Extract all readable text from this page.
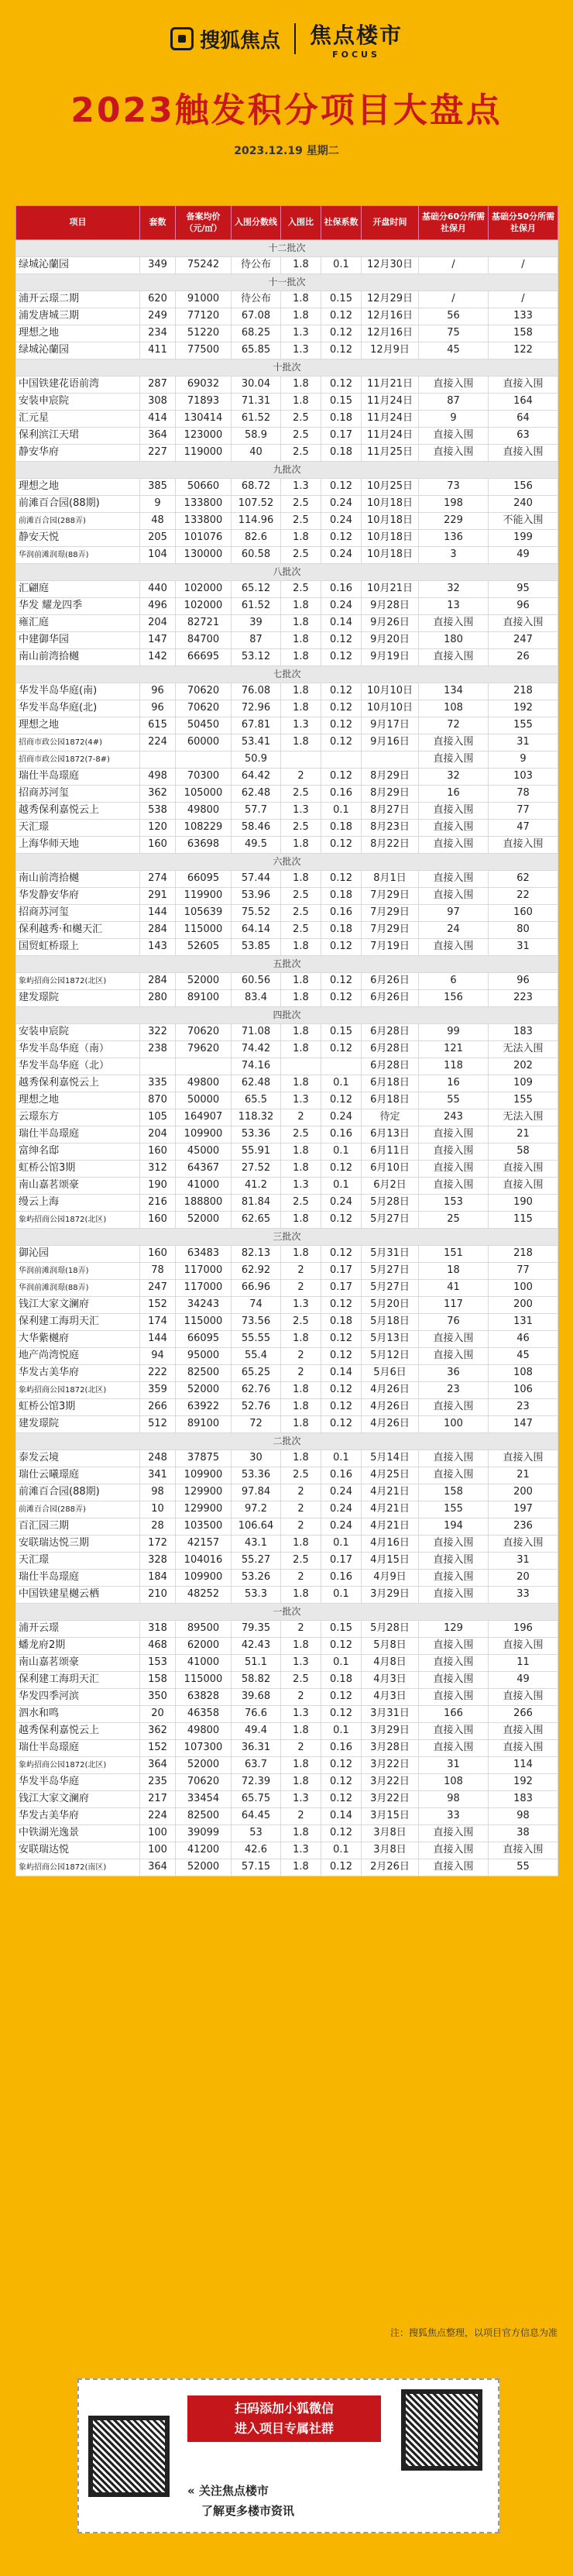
搜狐焦点 焦点楼市
FOCUS
2023触发积分项目大盘点
2023.12.19 星期二
项目	套数	备案均价（元/㎡）	入围分数线	入围比	社保系数	开盘时间	基础分60分所需社保月	基础分50分所需社保月
十二批次								
绿城沁蘭园	349	75242	待公布	1.8	0.1	12月30日	/	/
十一批次								
浦开云璟二期	620	91000	待公布	1.8	0.15	12月29日	/	/
浦发唐城三期	249	77120	67.08	1.8	0.12	12月16日	56	133
理想之地	234	51220	68.25	1.3	0.12	12月16日	75	158
绿城沁蘭园	411	77500	65.85	1.3	0.12	12月9日	45	122
十批次								
中国铁建花语前湾	287	69032	30.04	1.8	0.12	11月21日	直接入围	直接入围
安装申宸院	308	71893	71.31	1.8	0.15	11月24日	87	164
汇元星	414	130414	61.52	2.5	0.18	11月24日	9	64
保利滨江天珺	364	123000	58.9	2.5	0.17	11月24日	直接入围	63
静安华府	227	119000	40	2.5	0.18	11月25日	直接入围	直接入围
九批次								
理想之地	385	50660	68.72	1.3	0.12	10月25日	73	156
前滩百合园(88期)	9	133800	107.52	2.5	0.24	10月18日	198	240
前滩百合园(288弄)	48	133800	114.96	2.5	0.24	10月18日	229	不能入围
静安天悦	205	101076	82.6	1.8	0.12	10月18日	136	199
华润前滩润璟(88弄)	104	130000	60.58	2.5	0.24	10月18日	3	49
八批次								
汇翩庭	440	102000	65.12	2.5	0.16	10月21日	32	95
华发 耀龙四季	496	102000	61.52	1.8	0.24	9月28日	13	96
雍汇庭	204	82721	39	1.8	0.14	9月26日	直接入围	直接入围
中建御华园	147	84700	87	1.8	0.12	9月20日	180	247
南山前湾拾樾	142	66695	53.12	1.8	0.12	9月19日	直接入围	26
七批次								
华发半岛华庭(南)	96	70620	76.08	1.8	0.12	10月10日	134	218
华发半岛华庭(北)	96	70620	72.96	1.8	0.12	10月10日	108	192
理想之地	615	50450	67.81	1.3	0.12	9月17日	72	155
招商市政公园1872(4#)	224	60000	53.41	1.8	0.12	9月16日	直接入围	31
招商市政公园1872(7-8#)			50.9				直接入围	9
瑞仕半岛璟庭	498	70300	64.42	2	0.12	8月29日	32	103
招商苏河玺	362	105000	62.48	2.5	0.16	8月29日	16	78
越秀保利嘉悦云上	538	49800	57.7	1.3	0.1	8月27日	直接入围	77
天汇璟	120	108229	58.46	2.5	0.18	8月23日	直接入围	47
上海华师天地	160	63698	49.5	1.8	0.12	8月22日	直接入围	直接入围
六批次								
南山前湾拾樾	274	66095	57.44	1.8	0.12	8月1日	直接入围	62
华发静安华府	291	119900	53.96	2.5	0.18	7月29日	直接入围	22
招商苏河玺	144	105639	75.52	2.5	0.16	7月29日	97	160
保利越秀·和樾天汇	284	115000	64.14	2.5	0.18	7月29日	24	80
国贸虹桥璟上	143	52605	53.85	1.8	0.12	7月19日	直接入围	31
五批次								
象屿招商公园1872(北区)	284	52000	60.56	1.8	0.12	6月26日	6	96
建发璟院	280	89100	83.4	1.8	0.12	6月26日	156	223
四批次								
安装申宸院	322	70620	71.08	1.8	0.15	6月28日	99	183
华发半岛华庭（南）	238	79620	74.42	1.8	0.12	6月28日	121	无法入围
华发半岛华庭（北）			74.16			6月28日	118	202
越秀保利嘉悦云上	335	49800	62.48	1.8	0.1	6月18日	16	109
理想之地	870	50000	65.5	1.3	0.12	6月18日	55	155
云璟东方	105	164907	118.32	2	0.24	待定	243	无法入围
瑞仕半岛璟庭	204	109900	53.36	2.5	0.16	6月13日	直接入围	21
富绅名邸	160	45000	55.91	1.8	0.1	6月11日	直接入围	58
虹桥公馆3期	312	64367	27.52	1.8	0.12	6月10日	直接入围	直接入围
南山嘉茗颂豪	190	41000	41.2	1.3	0.1	6月2日	直接入围	直接入围
缦云上海	216	188800	81.84	2.5	0.24	5月28日	153	190
象屿招商公园1872(北区)	160	52000	62.65	1.8	0.12	5月27日	25	115
三批次								
御沁园	160	63483	82.13	1.8	0.12	5月31日	151	218
华润前滩润璟(18弄)	78	117000	62.92	2	0.17	5月27日	18	77
华润前滩润璟(88弄)	247	117000	66.96	2	0.17	5月27日	41	100
钱江大家文澜府	152	34243	74	1.3	0.12	5月20日	117	200
保利建工海玥天汇	174	115000	73.56	2.5	0.18	5月18日	76	131
大华紫樾府	144	66095	55.55	1.8	0.12	5月13日	直接入围	46
地产尚湾悦庭	94	95000	55.4	2	0.12	5月12日	直接入围	45
华发古美华府	222	82500	65.25	2	0.14	5月6日	36	108
象屿招商公园1872(北区)	359	52000	62.76	1.8	0.12	4月26日	23	106
虹桥公馆3期	266	63922	52.76	1.8	0.12	4月26日	直接入围	23
建发璟院	512	89100	72	1.8	0.12	4月26日	100	147
二批次								
泰发云境	248	37875	30	1.8	0.1	5月14日	直接入围	直接入围
瑞仕云曦璟庭	341	109900	53.36	2.5	0.16	4月25日	直接入围	21
前滩百合园(88期)	98	129900	97.84	2	0.24	4月21日	158	200
前滩百合园(288弄)	10	129900	97.2	2	0.24	4月21日	155	197
百汇园三期	28	103500	106.64	2	0.24	4月21日	194	236
安联瑞达悦三期	172	42157	43.1	1.8	0.1	4月16日	直接入围	直接入围
天汇璟	328	104016	55.27	2.5	0.17	4月15日	直接入围	31
瑞仕半岛璟庭	184	109900	53.26	2	0.16	4月9日	直接入围	20
中国铁建星樾云栖	210	48252	53.3	1.8	0.1	3月29日	直接入围	33
一批次								
浦开云璟	318	89500	79.35	2	0.15	5月28日	129	196
蟠龙府2期	468	62000	42.43	1.8	0.12	5月8日	直接入围	直接入围
南山嘉茗颂豪	153	41000	51.1	1.3	0.1	4月8日	直接入围	11
保利建工海玥天汇	158	115000	58.82	2.5	0.18	4月3日	直接入围	49
华发四季河滨	350	63828	39.68	2	0.12	4月3日	直接入围	直接入围
泗水和鸣	20	46358	76.6	1.3	0.12	3月31日	166	266
越秀保利嘉悦云上	362	49800	49.4	1.8	0.1	3月29日	直接入围	直接入围
瑞仕半岛璟庭	152	107300	36.31	2	0.16	3月28日	直接入围	直接入围
象屿招商公园1872(北区)	364	52000	63.7	1.8	0.12	3月22日	31	114
华发半岛华庭	235	70620	72.39	1.8	0.12	3月22日	108	192
钱江大家文澜府	217	33454	65.75	1.3	0.12	3月22日	98	183
华发古美华府	224	82500	64.45	2	0.14	3月15日	33	98
中铁湖光逸景	100	39099	53	1.8	0.12	3月8日	直接入围	38
安联瑞达悦	100	41200	42.6	1.3	0.1	3月8日	直接入围	直接入围
象屿招商公园1872(南区)	364	52000	57.15	1.8	0.12	2月26日	直接入围	55
注：搜狐焦点整理，以项目官方信息为准
扫码添加小狐微信
进入项目专属社群
« 关注焦点楼市
了解更多楼市资讯
